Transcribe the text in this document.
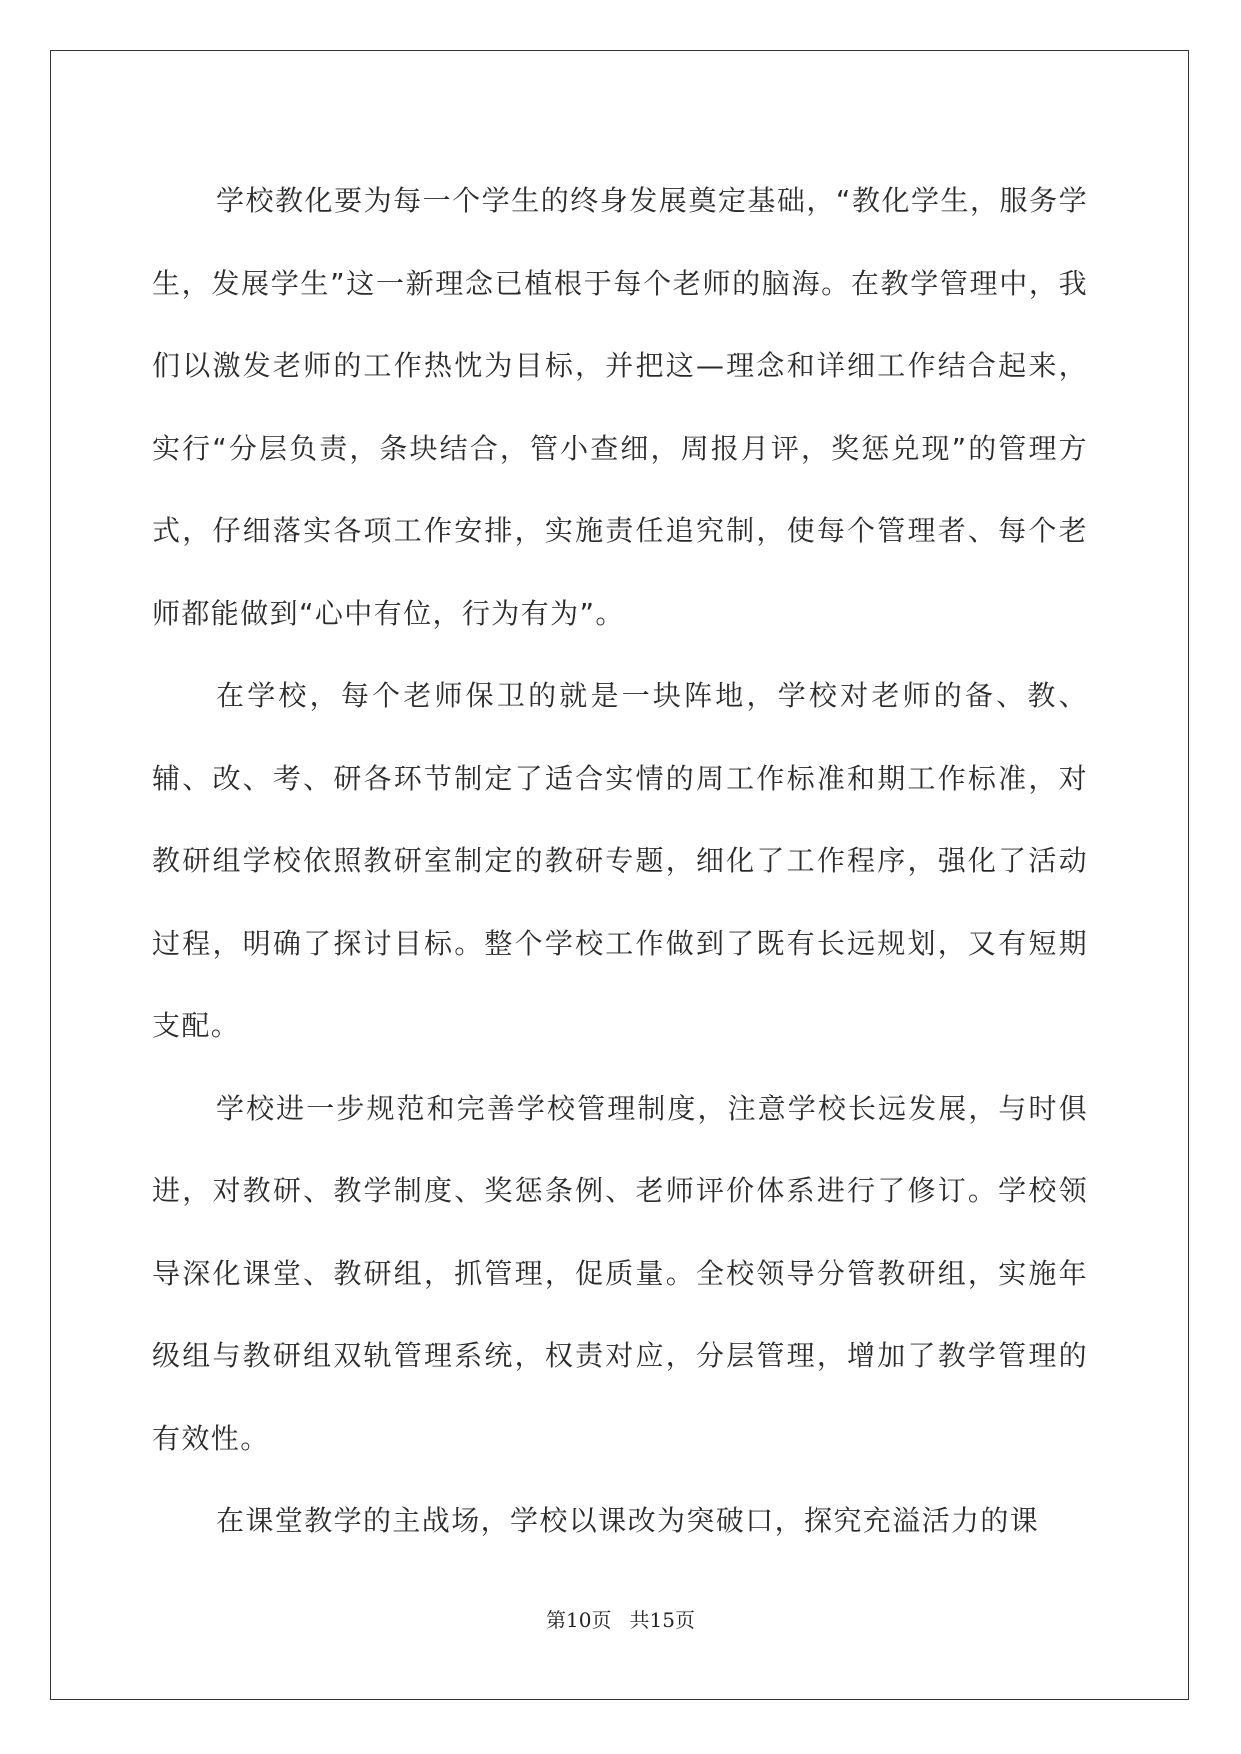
学校教化要为每一个学生的终身发展奠定基础，“教化学生，服务学生，发展学生”这一新理念已植根于每个老师的脑海。在教学管理中，我们以激发老师的工作热忱为目标，并把这—理念和详细工作结合起来，实行“分层负责，条块结合，管小查细，周报月评，奖惩兑现”的管理方式，仔细落实各项工作安排，实施责任追究制，使每个管理者、每个老师都能做到“心中有位，行为有为”。

在学校，每个老师保卫的就是一块阵地，学校对老师的备、教、辅、改、考、研各环节制定了适合实情的周工作标准和期工作标准，对教研组学校依照教研室制定的教研专题，细化了工作程序，强化了活动过程，明确了探讨目标。整个学校工作做到了既有长远规划，又有短期支配。

学校进一步规范和完善学校管理制度，注意学校长远发展，与时俱进，对教研、教学制度、奖惩条例、老师评价体系进行了修订。学校领导深化课堂、教研组，抓管理，促质量。全校领导分管教研组，实施年级组与教研组双轨管理系统，权责对应，分层管理，增加了教学管理的有效性。

在课堂教学的主战场，学校以课改为突破口，探究充溢活力的课

第10页 共15页
